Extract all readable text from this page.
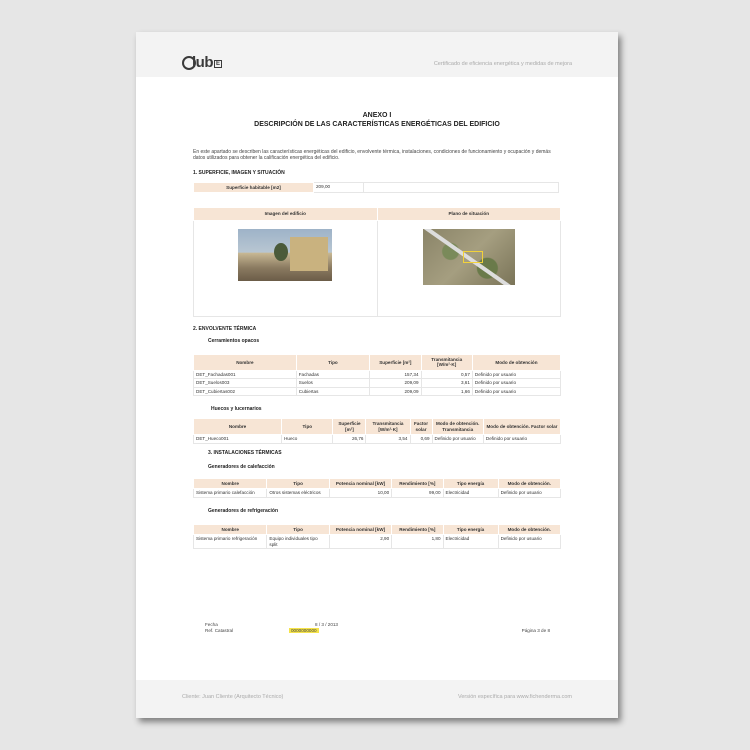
lub E	Certificado de eficiencia energética y medidas de mejora
ANEXO I
DESCRIPCIÓN DE LAS CARACTERÍSTICAS ENERGÉTICAS DEL EDIFICIO
En este apartado se describen las características energéticas del edificio, envolvente térmica, instalaciones, condiciones de funcionamiento y ocupación y demás datos utilizados para obtener la calificación energética del edificio.
1. SUPERFICIE, IMAGEN Y SITUACIÓN
Superficie habitable [m2]	209,00	
Imagen del edificio	Plano de situación

2. ENVOLVENTE TÉRMICA
Cerramientos opacos
Nombre	Tipo	Superficie [m²]	Transmitancia [W/m²·K]	Modo de obtención
DET_Fachadas001	Fachadas	157,34	0,57	Definido por usuario
DET_Suelos003	Suelos	209,09	3,61	Definido por usuario
DET_Cubiertas002	Cubiertas	209,09	1,66	Definido por usuario
Huecos y lucernarios
Nombre	Tipo	Superficie [m²]	Transmitancia [W/m²·K]	Factor solar	Modo de obtención. Transmitancia	Modo de obtención. Factor solar
DET_Hueco001	Hueco	26,76	3,54	0,69	Definido por usuario	Definido por usuario
3. INSTALACIONES TÉRMICAS
Generadores de calefacción
Nombre	Tipo	Potencia nominal [kW]	Rendimiento [%]	Tipo energía	Modo de obtención.
Sistema primario calefacción	Otros sistemas eléctricos	10,00	99,00	Electricidad	Definido por usuario
Generadores de refrigeración
Nombre	Tipo	Potencia nominal [kW]	Rendimiento [%]	Tipo energía	Modo de obtención.
Sistema primario refrigeración	Equipo individuales tipo split	2,90	1,80	Electricidad	Definido por usuario
Fecha	8 / 3 / 2013
Ref. Catastral	0000000000	Página 3 de 8
Cliente: Juan Cliente (Arquitecto Técnico)	Versión específica para www.fichenderma.com
